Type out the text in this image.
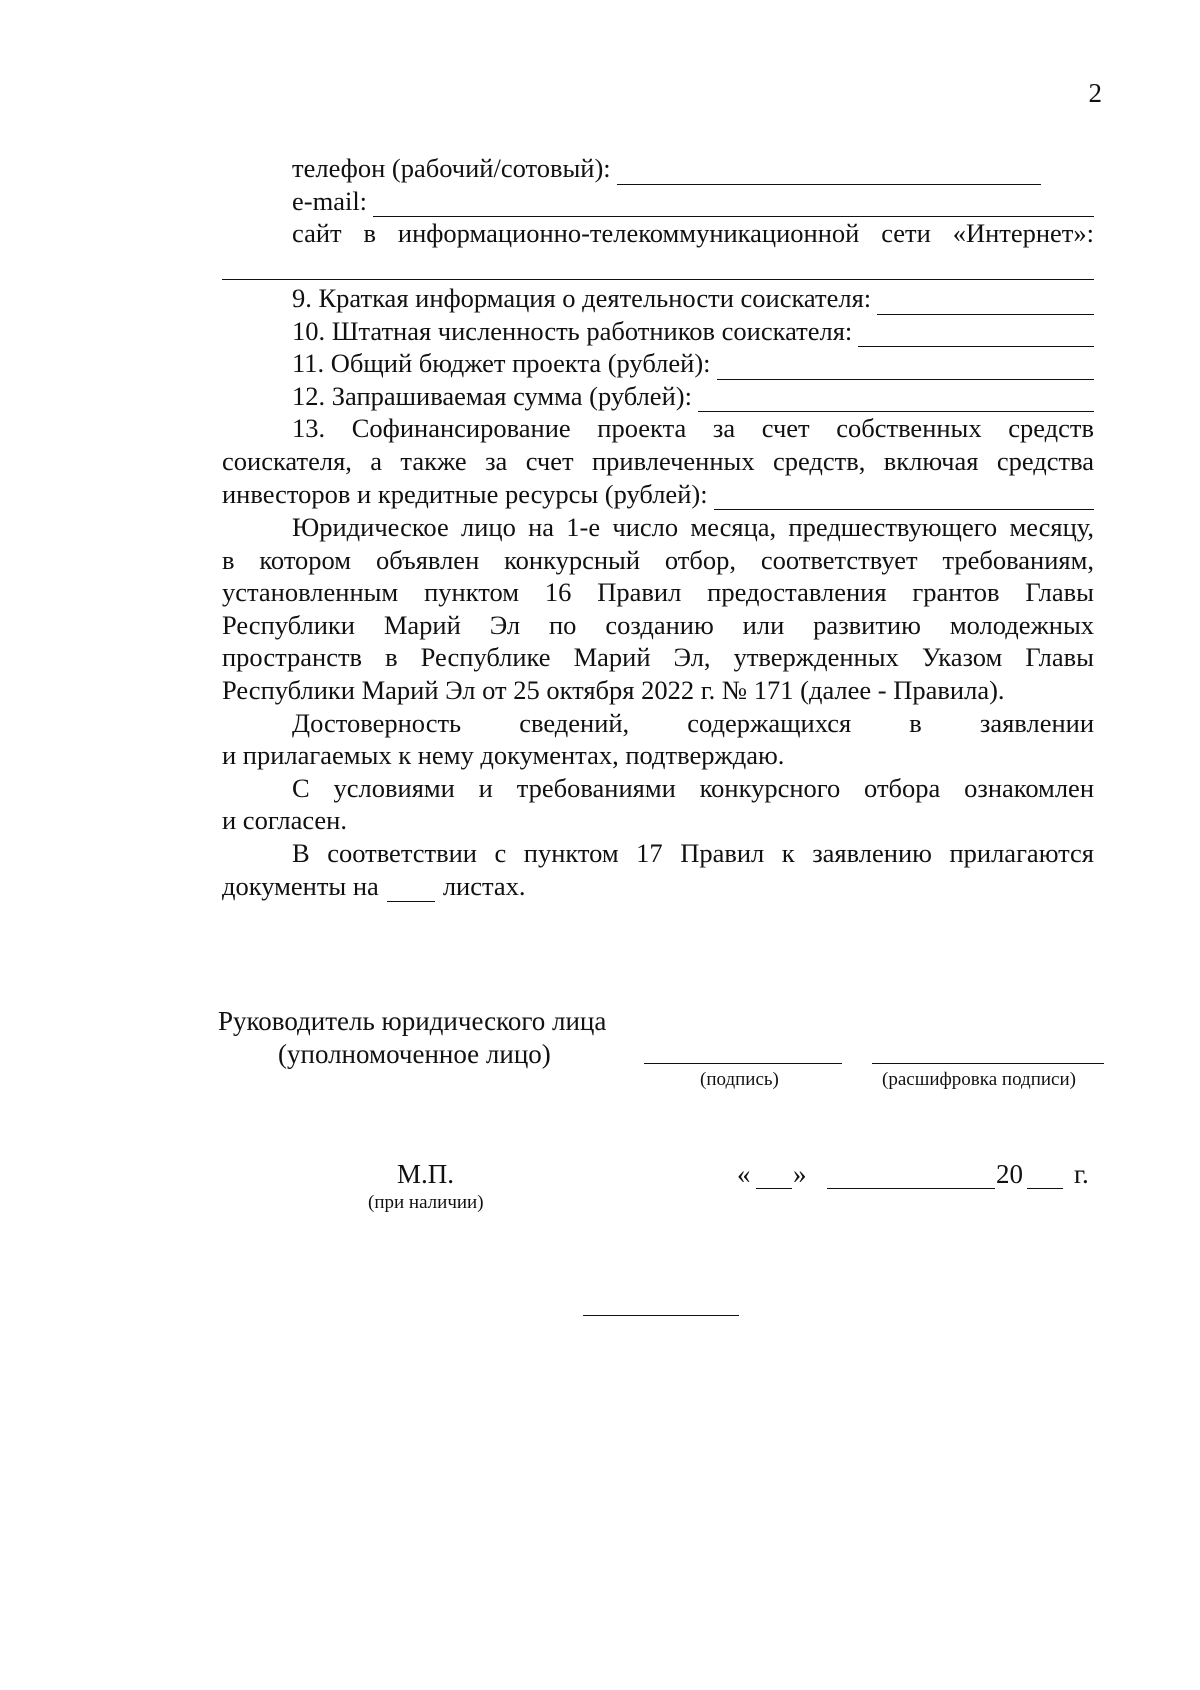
2
телефон (рабочий/сотовый):
e-mail:
сайт в информационно-телекоммуникационной сети «Интернет»:
9. Краткая информация о деятельности соискателя:
10. Штатная численность работников соискателя:
11. Общий бюджет проекта (рублей):
12. Запрашиваемая сумма (рублей):
13. Софинансирование проекта за счет собственных средств
соискателя, а также за счет привлеченных средств, включая средства
инвесторов и кредитные ресурсы (рублей):
Юридическое лицо на 1-е число месяца, предшествующего месяцу,
в котором объявлен конкурсный отбор, соответствует требованиям,
установленным пунктом 16 Правил предоставления грантов Главы
Республики Марий Эл по созданию или развитию молодежных
пространств в Республике Марий Эл, утвержденных Указом Главы
Республики Марий Эл от 25 октября 2022 г. № 171 (далее - Правила).
Достоверность сведений, содержащихся в заявлении
и прилагаемых к нему документах, подтверждаю.
С условиями и требованиями конкурсного отбора ознакомлен
и согласен.
В соответствии с пунктом 17 Правил к заявлению прилагаются
документы на листах.
Руководитель юридического лица
(уполномоченное лицо)
(подпись)	(расшифровка подписи)
М.П.
(при наличии)
« »	20 г.
